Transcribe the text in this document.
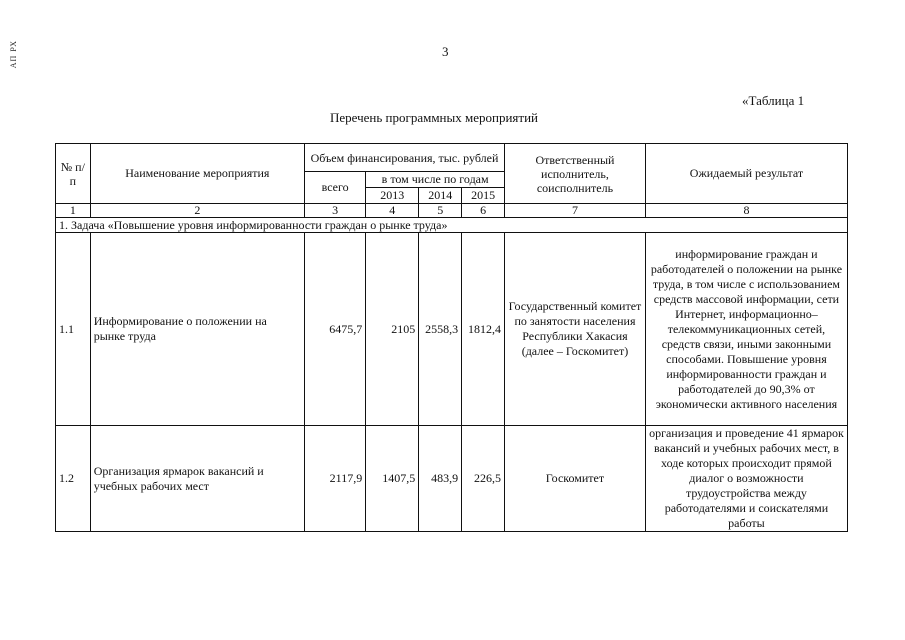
АП РХ	3
«Таблица 1
Перечень программных мероприятий
№ п/п	Наименование мероприятия	Объем финансирования, тыс. рублей				Ответственный исполнитель, соисполнитель	Ожидаемый результат
		всего	в том числе по годам				
			2013	2014	2015		
1	2	3	4	5	6	7	8
1. Задача «Повышение уровня информированности граждан о рынке труда»							
1.1	Информирование о положении на рынке труда	6475,7	2105	2558,3	1812,4	Государственный комитет по занятости населения Республики Хакасия (далее – Госкомитет)	информирование граждан и работодателей о положении на рынке труда, в том числе с использованием средств массовой информации, сети Интернет, информационно–телекоммуникационных сетей, средств связи, иными законными способами. Повышение уровня информированности граждан и работодателей до 90,3% от экономически активного населения
1.2	Организация ярмарок вакансий и учебных рабочих мест	2117,9	1407,5	483,9	226,5	Госкомитет	организация и проведение 41 ярмарок вакансий и учебных рабочих мест, в ходе которых происходит прямой диалог о возможности трудоустройства между работодателями и соискателями работы
